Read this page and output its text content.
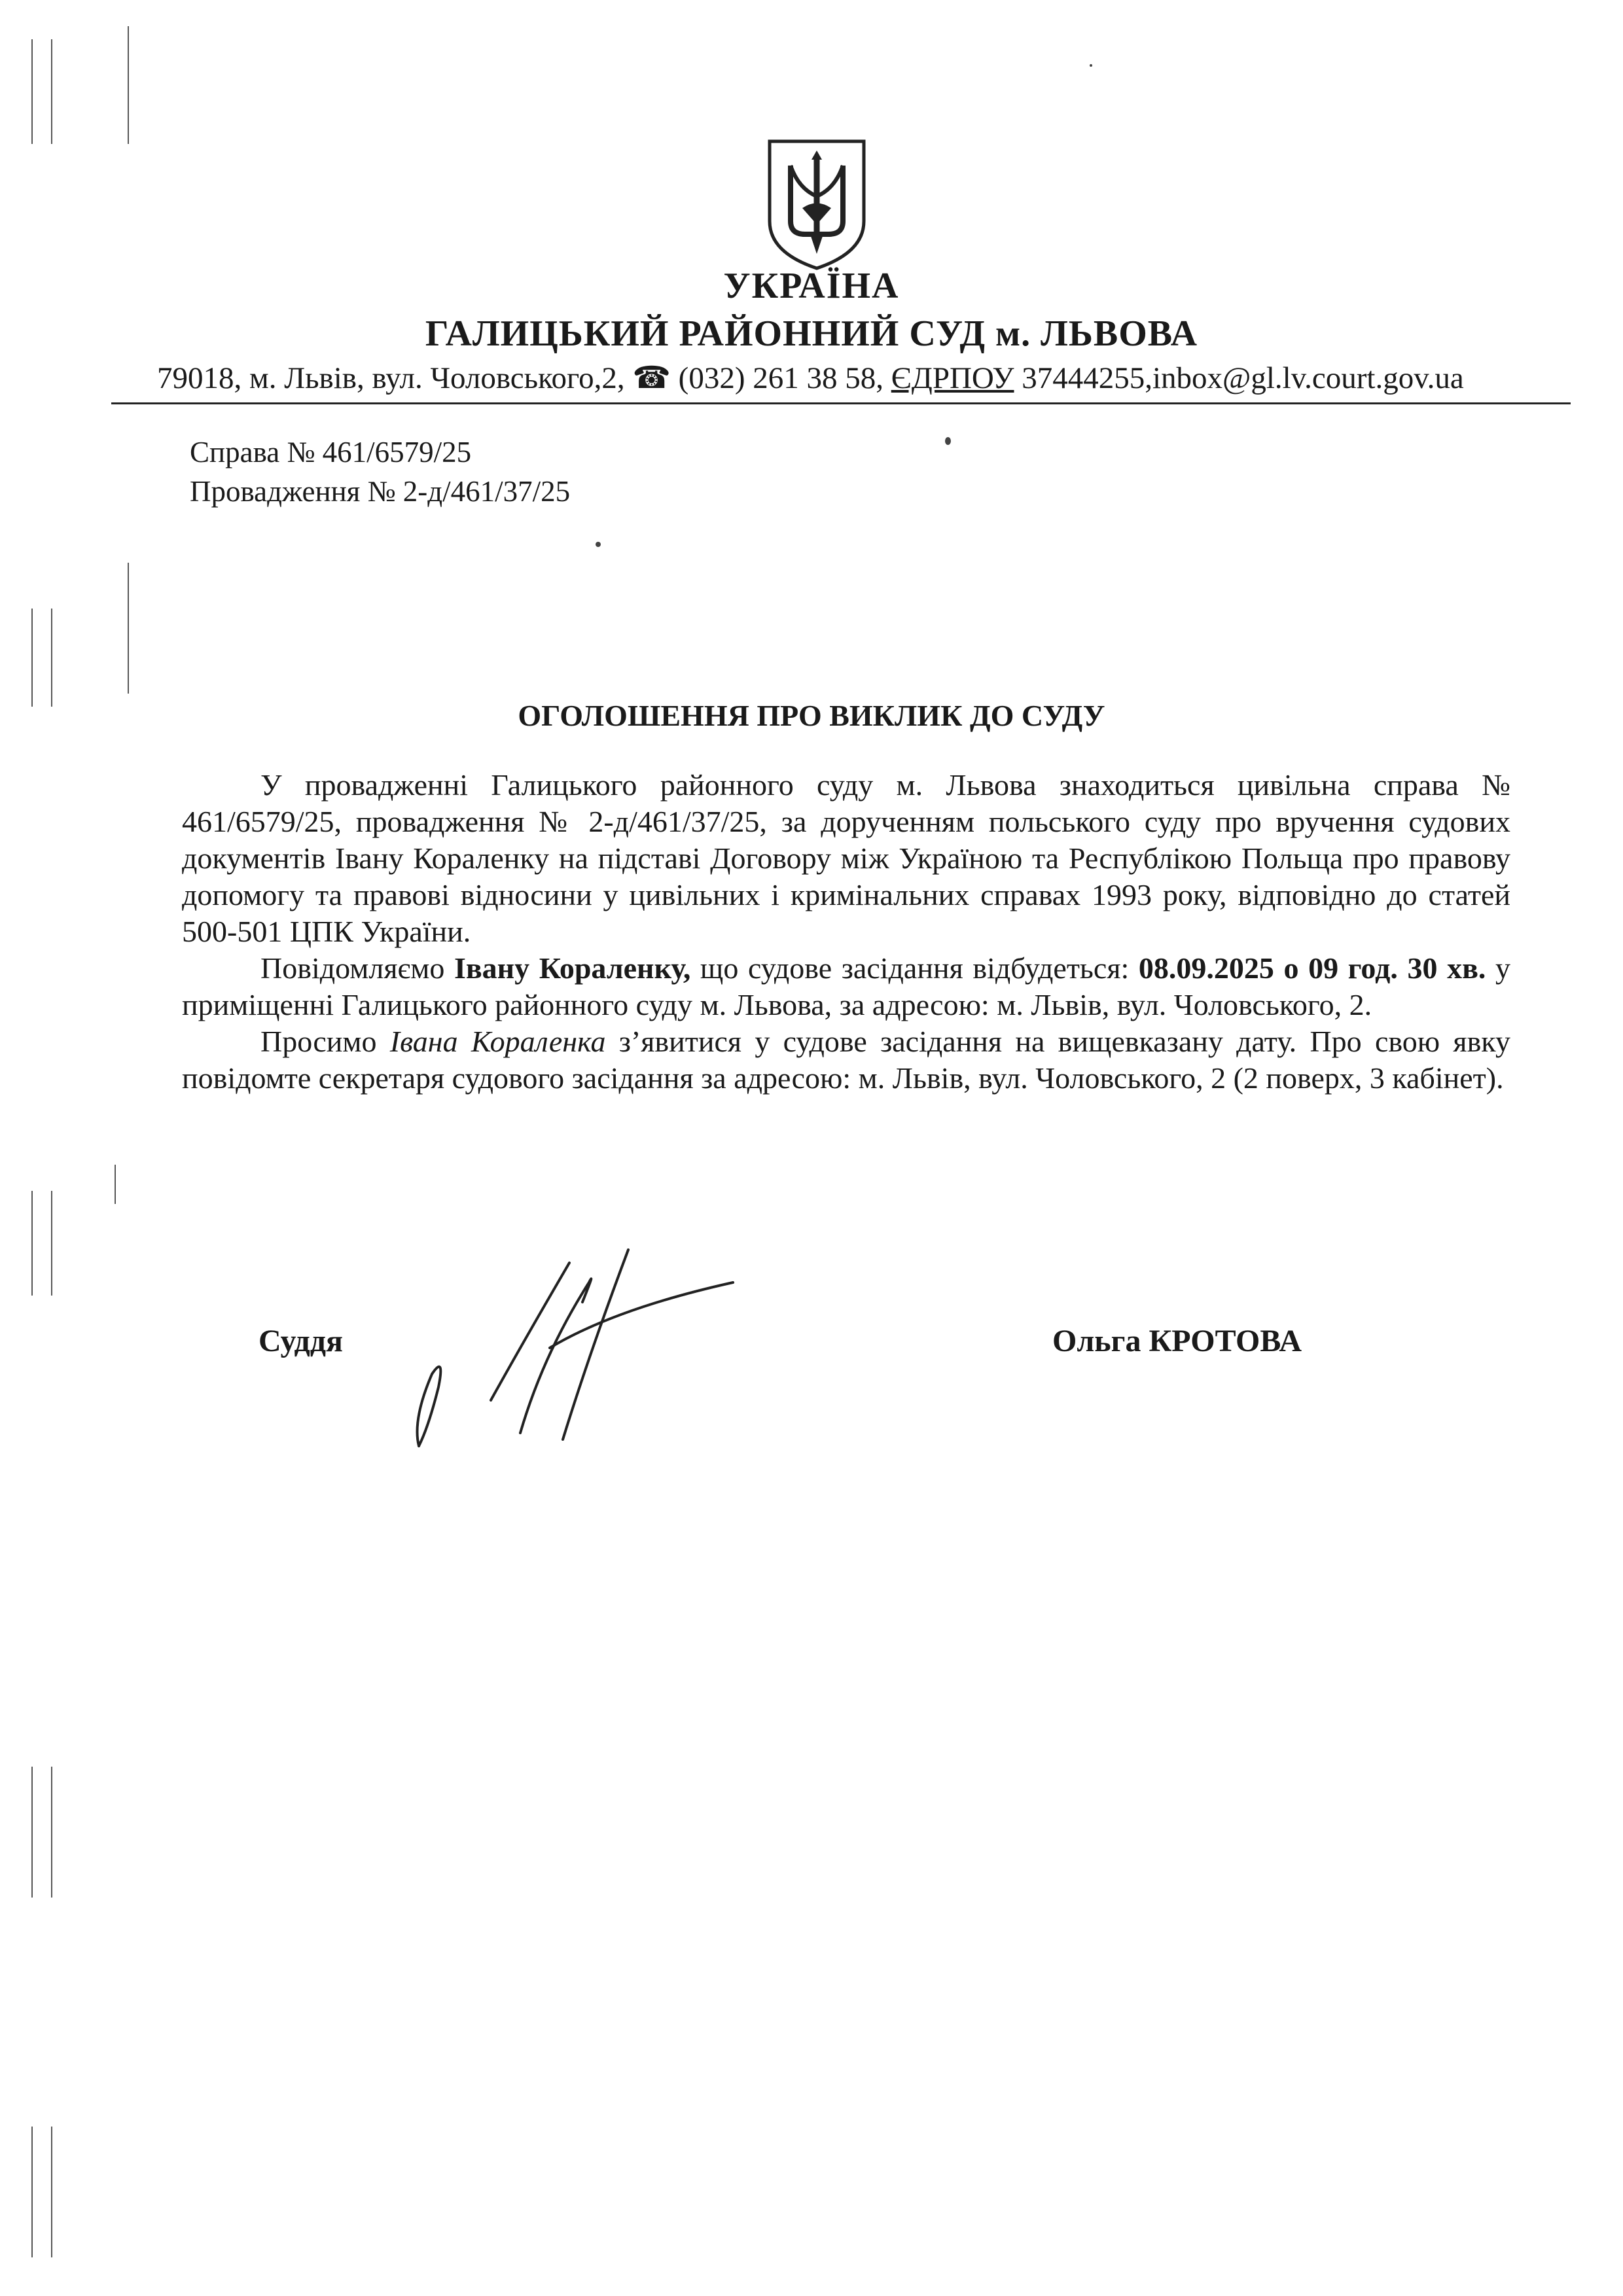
УКРАЇНА
ГАЛИЦЬКИЙ РАЙОННИЙ СУД м. ЛЬВОВА
79018, м. Львів, вул. Чоловського,2, ☎ (032) 261 38 58, ЄДРПОУ 37444255,inbox@gl.lv.court.gov.ua
Справа № 461/6579/25
Провадження № 2-д/461/37/25
ОГОЛОШЕННЯ ПРО ВИКЛИК ДО СУДУ

У провадженні Галицького районного суду м. Львова знаходиться цивільна справа № 461/6579/25, провадження № 2-д/461/37/25, за дорученням польського суду про вручення судових документів Івану Кораленку на підставі Договору між Україною та Республікою Польща про правову допомогу та правові відносини у цивільних і кримінальних справах 1993 року, відповідно до статей 500-501 ЦПК України.

Повідомляємо Івану Кораленку, що судове засідання відбудеться: 08.09.2025 о 09 год. 30 хв. у приміщенні Галицького районного суду м. Львова, за адресою: м. Львів, вул. Чоловського, 2.

Просимо Івана Кораленка з’явитися у судове засідання на вищевказану дату. Про свою явку повідомте секретаря судового засідання за адресою: м. Львів, вул. Чоловського, 2 (2 поверх, 3 кабінет).

Суддя	Ольга КРОТОВА
